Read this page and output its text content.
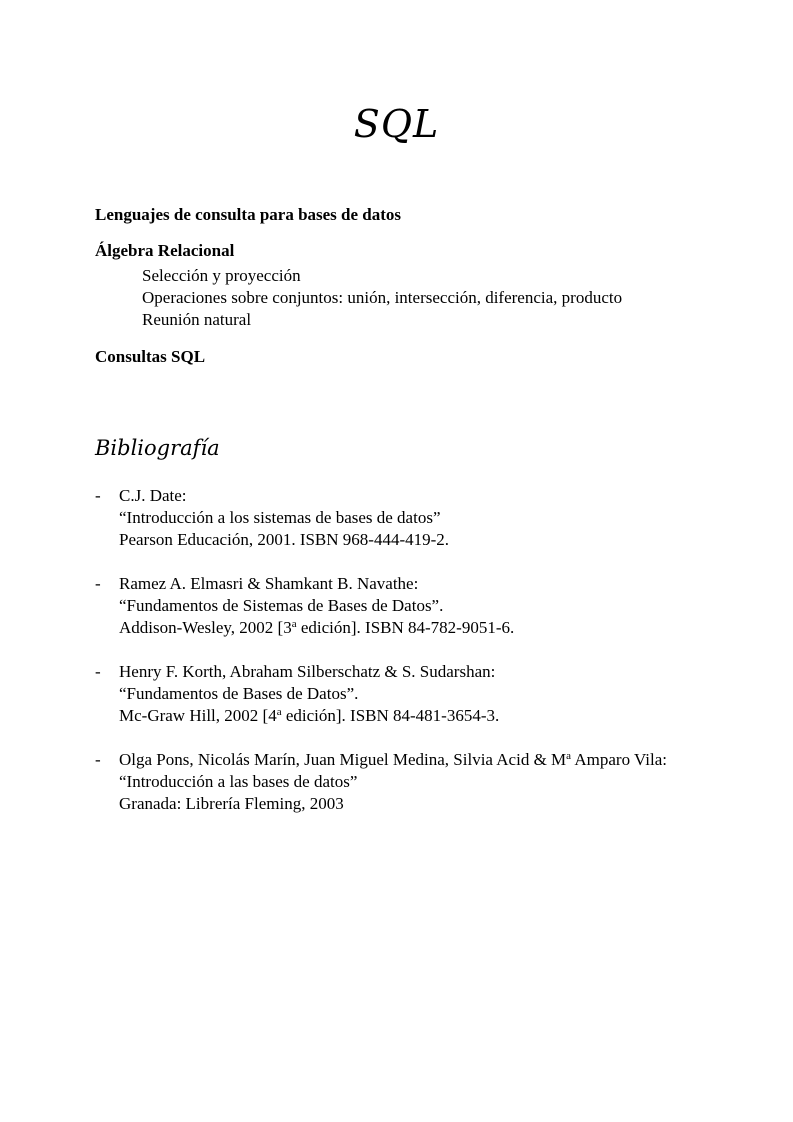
SQL

Lenguajes de consulta para bases de datos

Álgebra Relacional

Selección y proyección
Operaciones sobre conjuntos: unión, intersección, diferencia, producto
Reunión natural

Consultas SQL

Bibliografía
- C.J. Date:
“Introducción a los sistemas de bases de datos”
Pearson Educación, 2001. ISBN 968-444-419-2.
- Ramez A. Elmasri & Shamkant B. Navathe:
“Fundamentos de Sistemas de Bases de Datos”.
Addison-Wesley, 2002 [3$^a$ edición]. ISBN 84-782-9051-6.
- Henry F. Korth, Abraham Silberschatz & S. Sudarshan:
“Fundamentos de Bases de Datos”.
Mc-Graw Hill, 2002 [4$^a$ edición]. ISBN 84-481-3654-3.
- Olga Pons, Nicolás Marín, Juan Miguel Medina, Silvia Acid & $M^a$ Amparo Vila:
“Introducción a las bases de datos”
Granada: Librería Fleming, 2003
